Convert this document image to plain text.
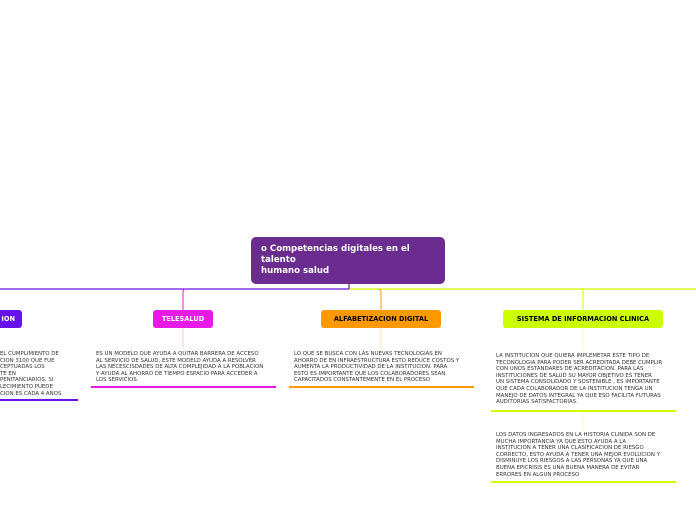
o Competencias digitales en el
talento
humano salud
ION
EL CUMPLIMIENTO DE
CION 3100 QUE FUE
CEPTUADAS LOS
TE EN
PENITANCIARIOS. SI
LECIMIENTO PUEDE
CION ES CADA 4 AÑOS
TELESALUD
ES UN MODELO QUE AYUDA A QUITAR BARRERA DE ACCESO
AL SERVICIO DE SALUD, ESTE MODELO AYUDA A RESOLVER
LAS NECESCISDADES DE ALTA COMPLEJIDAD A LA POBLACION
Y AYUDA AL AHORRO DE TIEMPO ESPACIO PARA ACCEDER A
LOS SERVICIOS.
ALFABETIZACION DIGITAL
LO QUE SE BUSCA CON LAS NUEVAS TECNOLOGIAS EN
AHORRO DE EN INFRAESTRUCTURA ESTO REDUCE COSTOS Y
AUMENTA LA PRODUCTIVIDAD DE LA INSTITUCION. PARA
ESTO ES IMPORTANTE QUE LOS COLABORADORES SEAN
CAPACITADOS CONSTANTEMENTE EN EL PROCESO
SISTEMA DE INFORMACION CLINICA
LA INSTITUCION QUE QUIERA IMPLEMETAR ESTE TIPO DE
TECONOLOGIA PARA PODER SER ACREDITADA DEBE CUMPLIR
CON UNOS ESTANDARES DE ACREDITACION. PARA LAS
INSTITUCIONES DE SALUD SU MAYOR OBJETIVO ES TENER
UN SISTEMA CONSOLIDADO Y SOSTENIBLE , ES IMPORTANTE
QUE CADA COLABORADOR DE LA INSTITUCION TENGA UN
MANEJO DE DATOS INTEGRAL YA QUE ESO FACILITA FUTURAS
AUDITORIAS SATISFACTORIAS.
LOS DATOS INGRESADOS EN LA HISTORIA CLINIDA SON DE
MUCHA IMPORTANCIA YA QUE ESTO AYUDA A LA
INSTITUCION A TENER UNA CLASIFICACION DE RIESGO
CORRECTO, ESTO AYUDA A TENER UNA MEJOR EVOLUCION Y
DISMINUYE LOS RIESGOS A LAS PERSONAS YA QUE UNA
BUENA EPICRISIS ES UNA BUENA MANERA DE EVITAR
ERRORES EN ALGUN PROCESO
